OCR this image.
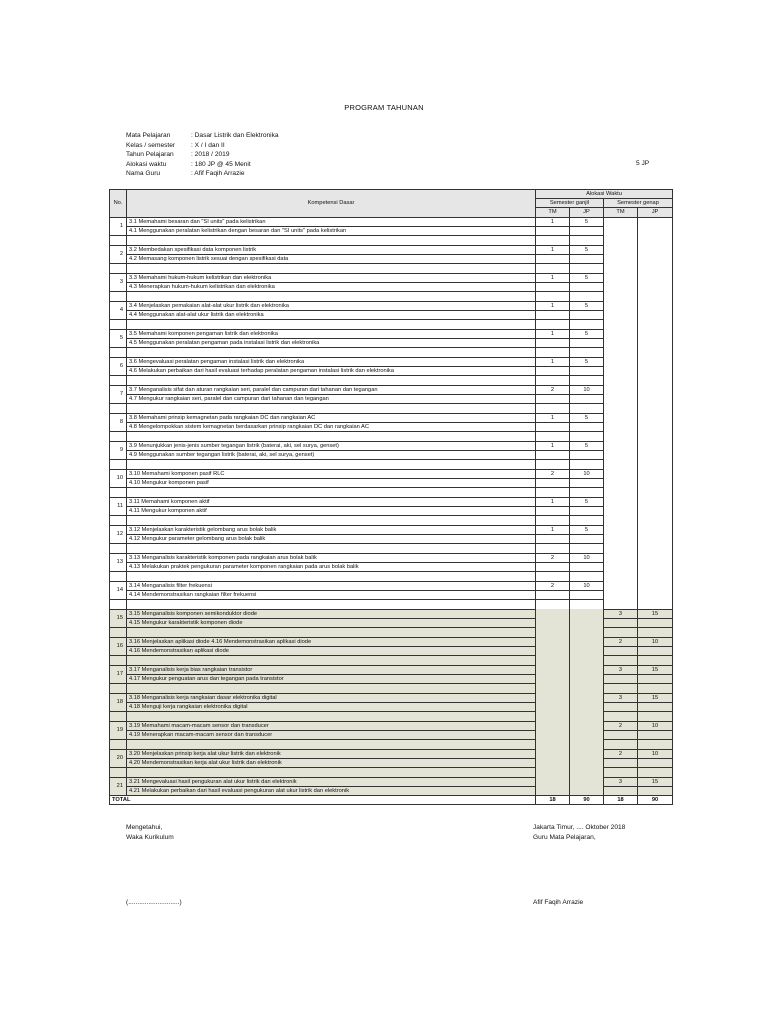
PROGRAM TAHUNAN
Mata Pelajaran	: Dasar Listrik dan Elektronika
Kelas / semester	: X / I dan II
Tahun Pelajaran	: 2018 / 2019
Alokasi waktu	: 180 JP @ 45 Menit
Nama Guru	: Afif Faqih Arrazie
5 JP
No.	Kompetensi Dasar	Alokasi Waktu			
		Semester ganjil		Semester genap	
		TM	JP	TM	JP
1	3.1 Memahami besaran dan "SI units" pada kelistrikan	1	5		
	4.1 Menggunakan peralatan kelistrikan dengan besaran dan "SI units" pada kelistrikan				

2	3.2 Membedakan spesifikasi data komponen listrik	1	5		
	4.2 Memasang komponen listrik sesuai dengan spesifikasi data				

3	3.3 Memahami hukum-hukum kelistrikan dan elektronika	1	5		
	4.3 Menerapkan hukum-hukum kelistrikan dan elektronika				

4	3.4 Menjelaskan pemakaian alat-alat ukur listrik dan elektronika	1	5		
	4.4 Menggunakan alat-alat ukur listrik dan elektronika				

5	3.5 Memahami komponen pengaman listrik dan elektronika	1	5		
	4.5 Menggunakan peralatan pengaman pada instalasi listrik dan elektronika				

6	3.6 Mengevaluasi peralatan pengaman instalasi listrik dan elektronika	1	5		
	4.6 Melakukan perbaikan dari hasil evaluasi terhadap peralatan pengaman instalasi listrik dan elektronika				

7	3.7 Menganalisis sifat dan aturan rangkaian seri, paralel dan campuran dari tahanan dan tegangan	2	10		
	4.7 Mengukur rangkaian seri, paralel dan campuran dari tahanan dan tegangan				

8	3.8 Memahami prinsip kemagnetan pada rangkaian DC dan rangkaian AC	1	5		
	4.8 Mengelompokkan sistem kemagnetan berdasarkan prinsip rangkaian DC dan rangkaian AC				

9	3.9 Menunjukkan jenis-jenis sumber tegangan listrik (baterai, aki, sel surya, genset)	1	5		
	4.9 Menggunakan sumber tegangan listrik (baterai, aki, sel surya, genset)				

10	3.10 Memahami komponen pasif RLC	2	10		
	4.10 Mengukur komponen pasif				

11	3.11 Memahami komponen aktif	1	5		
	4.11 Mengukur komponen aktif				

12	3.12 Menjelaskan karakteristik gelombang arus bolak balik	1	5		
	4.12 Mengukur parameter gelombang arus bolak balik				

13	3.13 Menganalisis karakteristik komponen pada rangkaian arus bolak balik	2	10		
	4.13 Melakukan praktek pengukuran parameter komponen rangkaian pada arus bolak balik				

14	3.14 Menganalisis filter frekuensi	2	10		
	4.14 Mendemonstrasikan rangkaian filter frekuensi				

15	3.15 Menganalisis komponen semikonduktor diode			3	15
	4.15 Mengukur karakteristik komponen diode				

16	3.16 Menjelaskan aplikasi diode 4.16 Mendemonstrasikan aplikasi diode			2	10
	4.16 Mendemonstrasikan aplikasi diode				

17	3.17 Menganalisis kerja bias rangkaian transistor			3	15
	4.17 Mengukur penguatan arus dan tegangan pada transistor				

18	3.18 Menganalisis kerja rangkaian dasar elektronika digital			3	15
	4.18 Menguji kerja rangkaian elektronika digital				

19	3.19 Memahami macam-macam sensor dan transducer			2	10
	4.19 Menerapkan macam-macam sensor dan transducer				

20	3.20 Menjelaskan prinsip kerja alat ukur listrik dan elektronik			2	10
	4.20 Mendemonstrasikan kerja alat ukur listrik dan elektronik				

21	3.21 Mengevaluasi hasil pengukuran alat ukur listrik dan elektronik			3	15
	4.21 Melakukan perbaikan dari hasil evaluasi pengukuran alat ukur listrik dan elektronik				
TOTAL		18	90	18	90
Mengetahui,
Waka Kurikulum
Jakarta Timur, .... Oktober 2018
Guru Mata Pelajaran,
(............................)	Afif Faqih Arrazie
